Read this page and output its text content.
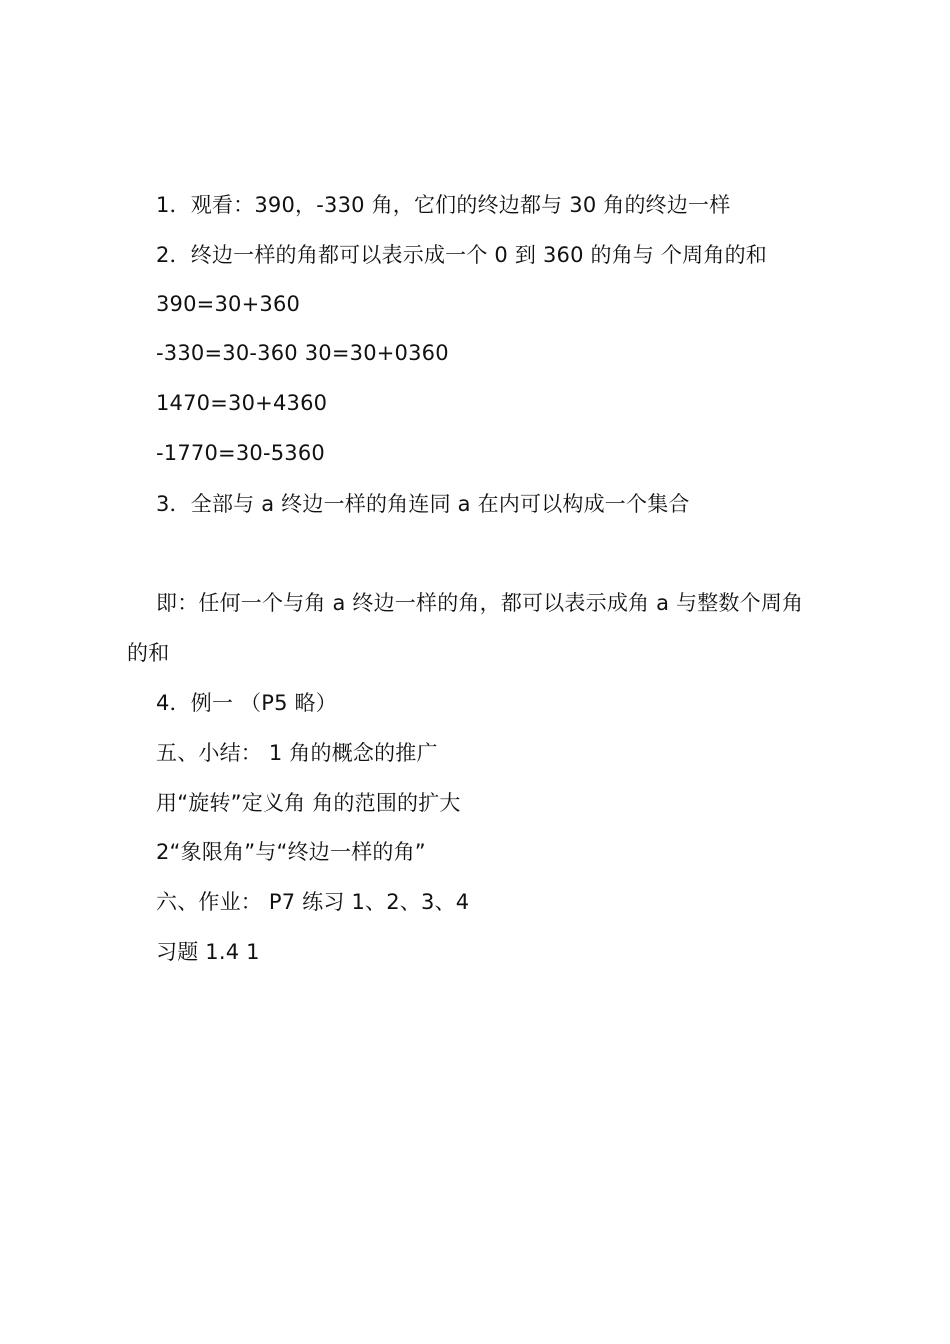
1．观看：390，-330 角，它们的终边都与 30 角的终边一样
2．终边一样的角都可以表示成一个 0 到 360 的角与 个周角的和
390=30+360
-330=30-360 30=30+0360
1470=30+4360
-1770=30-5360
3．全部与 a 终边一样的角连同 a 在内可以构成一个集合
即：任何一个与角 a 终边一样的角，都可以表示成角 a 与整数个周角
的和
4．例一 （P5 略）
五、小结： 1 角的概念的推广
用“旋转”定义角 角的范围的扩大
2“象限角”与“终边一样的角”
六、作业： P7 练习 1、2、3、4
习题 1.4 1
